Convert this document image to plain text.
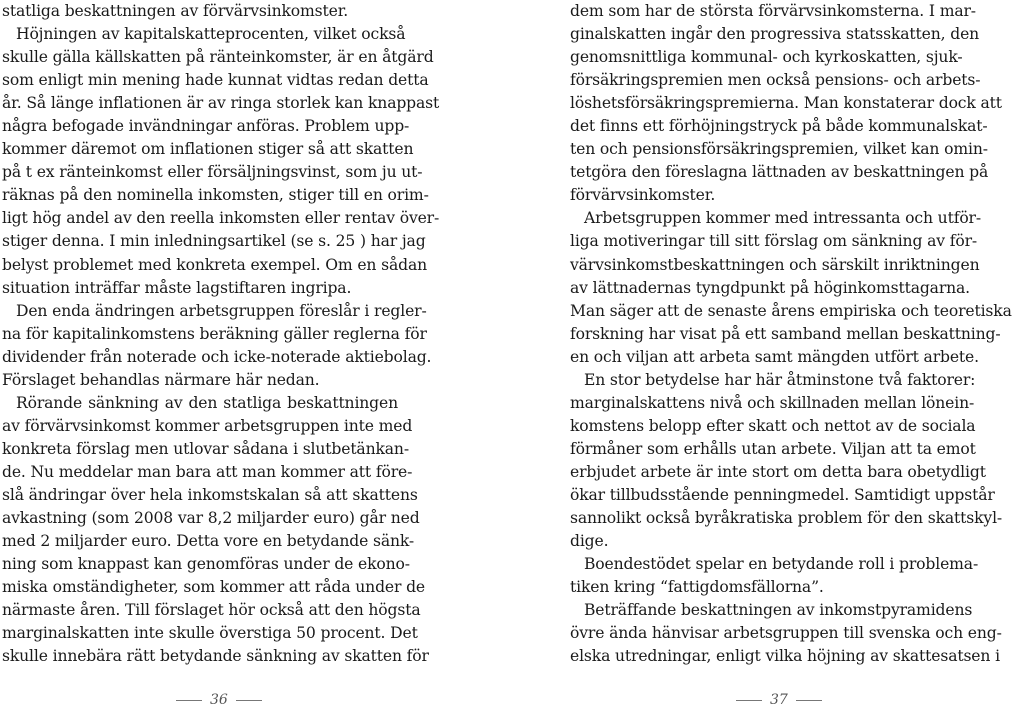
statliga beskattningen av förvärvsinkomster.
Höjningen av kapitalskatteprocenten, vilket också
skulle gälla källskatten på ränteinkomster, är en åtgärd
som enligt min mening hade kunnat vidtas redan detta
år. Så länge inflationen är av ringa storlek kan knappast
några befogade invändningar anföras. Problem upp-
kommer däremot om inflationen stiger så att skatten
på t ex ränteinkomst eller försäljningsvinst, som ju ut-
räknas på den nominella inkomsten, stiger till en orim-
ligt hög andel av den reella inkomsten eller rentav över-
stiger denna. I min inledningsartikel (se s. 25 ) har jag
belyst problemet med konkreta exempel. Om en sådan
situation inträffar måste lagstiftaren ingripa.
Den enda ändringen arbetsgruppen föreslår i regler-
na för kapitalinkomstens beräkning gäller reglerna för
dividender från noterade och icke-noterade aktiebolag.
Förslaget behandlas närmare här nedan.
Rörande sänkning av den statliga beskattningen
av förvärvsinkomst kommer arbetsgruppen inte med
konkreta förslag men utlovar sådana i slutbetänkan-
de. Nu meddelar man bara att man kommer att före-
slå ändringar över hela inkomstskalan så att skattens
avkastning (som 2008 var 8,2 miljarder euro) går ned
med 2 miljarder euro. Detta vore en betydande sänk-
ning som knappast kan genomföras under de ekono-
miska omständigheter, som kommer att råda under de
närmaste åren. Till förslaget hör också att den högsta
marginalskatten inte skulle överstiga 50 procent. Det
skulle innebära rätt betydande sänkning av skatten för
dem som har de största förvärvsinkomsterna. I mar-
ginalskatten ingår den progressiva statsskatten, den
genomsnittliga kommunal- och kyrkoskatten, sjuk-
försäkringspremien men också pensions- och arbets-
löshetsförsäkringspremierna. Man konstaterar dock att
det finns ett förhöjningstryck på både kommunalskat-
ten och pensionsförsäkringspremien, vilket kan omin-
tetgöra den föreslagna lättnaden av beskattningen på
förvärvsinkomster.
Arbetsgruppen kommer med intressanta och utför-
liga motiveringar till sitt förslag om sänkning av för-
värvsinkomstbeskattningen och särskilt inriktningen
av lättnadernas tyngdpunkt på höginkomsttagarna.
Man säger att de senaste årens empiriska och teoretiska
forskning har visat på ett samband mellan beskattning-
en och viljan att arbeta samt mängden utfört arbete.
En stor betydelse har här åtminstone två faktorer:
marginalskattens nivå och skillnaden mellan lönein-
komstens belopp efter skatt och nettot av de sociala
förmåner som erhålls utan arbete. Viljan att ta emot
erbjudet arbete är inte stort om detta bara obetydligt
ökar tillbudsstående penningmedel. Samtidigt uppstår
sannolikt också byråkratiska problem för den skattskyl-
dige.
Boendestödet spelar en betydande roll i problema-
tiken kring “fattigdomsfällorna”.
Beträffande beskattningen av inkomstpyramidens
övre ända hänvisar arbetsgruppen till svenska och eng-
elska utredningar, enligt vilka höjning av skattesatsen i
36	37
